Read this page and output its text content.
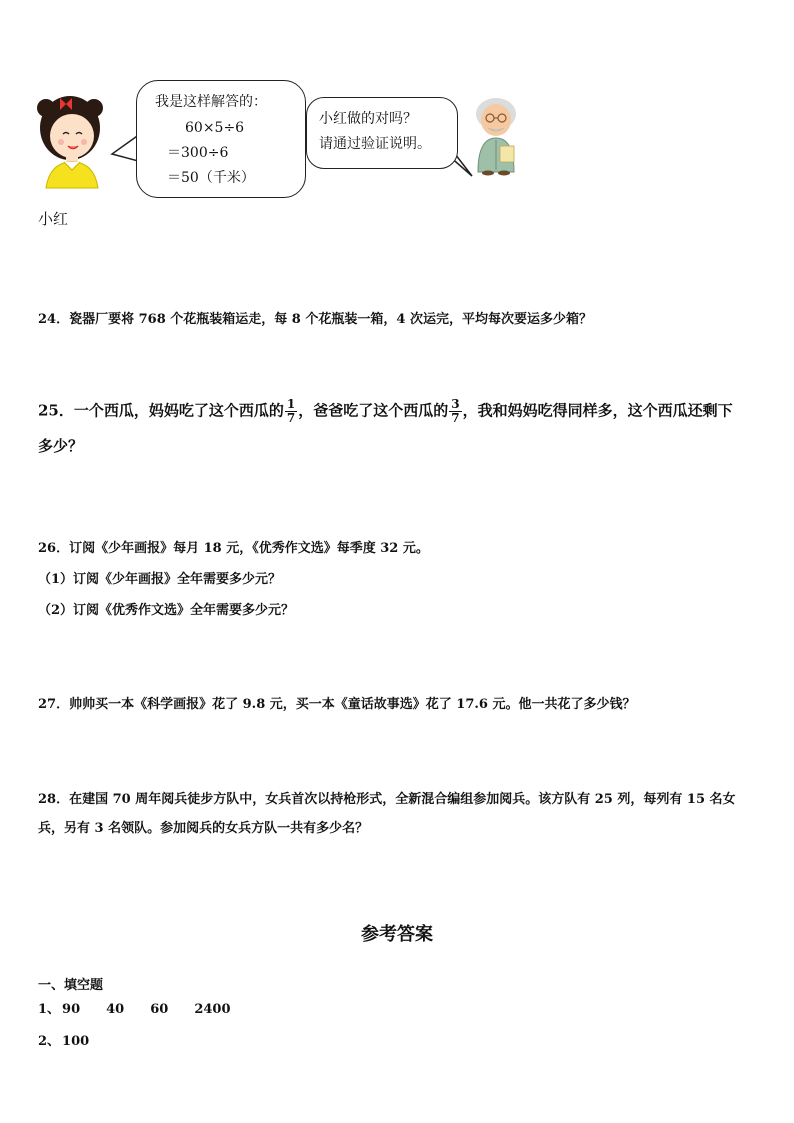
我是这样解答的：
60×5÷6
＝300÷6
＝50（千米）
小红做的对吗？
请通过验证说明。
小红
24．瓷器厂要将 768 个花瓶装箱运走，每 8 个花瓶装一箱，4 次运完，平均每次要运多少箱？
25．一个西瓜，妈妈吃了这个西瓜的 $\frac{1}{7}$ ，爸爸吃了这个西瓜的 $\frac{3}{7}$ ，我和妈妈吃得同样多，这个西瓜还剩下
多少？
26．订阅《少年画报》每月 18 元，《优秀作文选》每季度 32 元。
（1）订阅《少年画报》全年需要多少元？
（2）订阅《优秀作文选》全年需要多少元？
27．帅帅买一本《科学画报》花了 9.8 元，买一本《童话故事选》花了 17.6 元。他一共花了多少钱？
28．在建国 70 周年阅兵徒步方队中，女兵首次以持枪形式，全新混合编组参加阅兵。该方队有 25 列，每列有 15 名女
兵，另有 3 名领队。参加阅兵的女兵方队一共有多少名？
参考答案
一、填空题
1、 90 40 60 2400
2、 100
